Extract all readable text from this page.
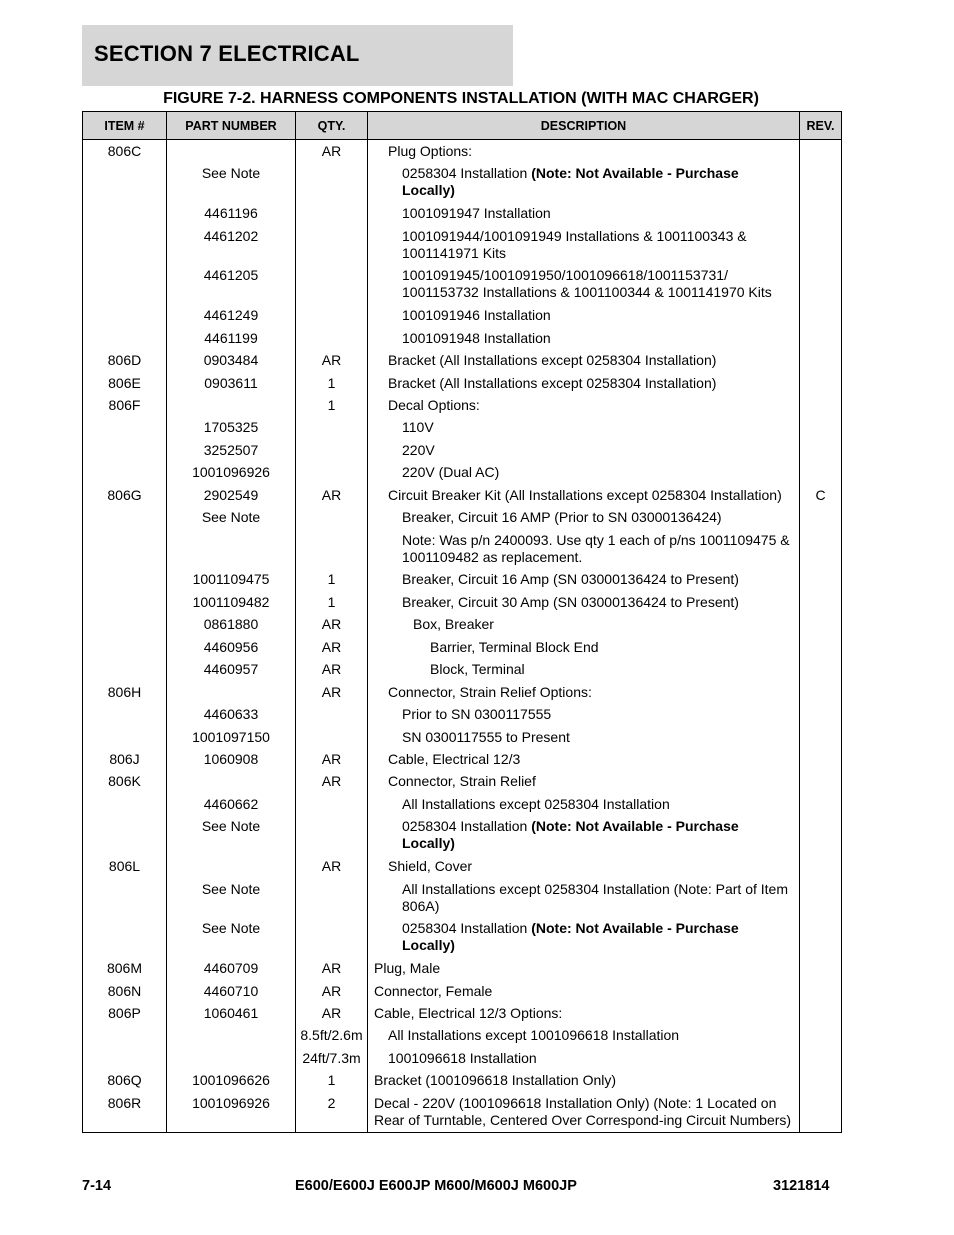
SECTION 7 ELECTRICAL
FIGURE 7-2. HARNESS COMPONENTS INSTALLATION (WITH MAC CHARGER)
ITEM #	PART NUMBER	QTY.	DESCRIPTION	REV.
806C		AR	Plug Options:	
	See Note		0258304 Installation (Note: Not Available - Purchase Locally)	
	4461196		1001091947 Installation	
	4461202		1001091944/1001091949 Installations & 1001100343 & 1001141971 Kits	
	4461205		1001091945/1001091950/1001096618/1001153731/ 1001153732 Installations & 1001100344 & 1001141970 Kits	
	4461249		1001091946 Installation	
	4461199		1001091948 Installation	
806D	0903484	AR	Bracket (All Installations except 0258304 Installation)	
806E	0903611	1	Bracket (All Installations except 0258304 Installation)	
806F		1	Decal Options:	
	1705325		110V	
	3252507		220V	
	1001096926		220V (Dual AC)	
806G	2902549	AR	Circuit Breaker Kit (All Installations except 0258304 Installation)	C
	See Note		Breaker, Circuit 16 AMP (Prior to SN 03000136424)	
			Note: Was p/n 2400093. Use qty 1 each of p/ns 1001109475 & 1001109482 as replacement.	
	1001109475	1	Breaker, Circuit 16 Amp (SN 03000136424 to Present)	
	1001109482	1	Breaker, Circuit 30 Amp (SN 03000136424 to Present)	
	0861880	AR	Box, Breaker	
	4460956	AR	Barrier, Terminal Block End	
	4460957	AR	Block, Terminal	
806H		AR	Connector, Strain Relief Options:	
	4460633		Prior to SN 0300117555	
	1001097150		SN 0300117555 to Present	
806J	1060908	AR	Cable, Electrical 12/3	
806K		AR	Connector, Strain Relief	
	4460662		All Installations except 0258304 Installation	
	See Note		0258304 Installation (Note: Not Available - Purchase Locally)	
806L		AR	Shield, Cover	
	See Note		All Installations except 0258304 Installation (Note: Part of Item 806A)	
	See Note		0258304 Installation (Note: Not Available - Purchase Locally)	
806M	4460709	AR	Plug, Male	
806N	4460710	AR	Connector, Female	
806P	1060461	AR	Cable, Electrical 12/3 Options:	
		8.5ft/2.6m	All Installations except 1001096618 Installation	
		24ft/7.3m	1001096618 Installation	
806Q	1001096626	1	Bracket (1001096618 Installation Only)	
806R	1001096926	2	Decal - 220V (1001096618 Installation Only) (Note: 1 Located on Rear of Turntable, Centered Over Correspond-ing Circuit Numbers)	

7-14	E600/E600J E600JP M600/M600J M600JP	3121814
